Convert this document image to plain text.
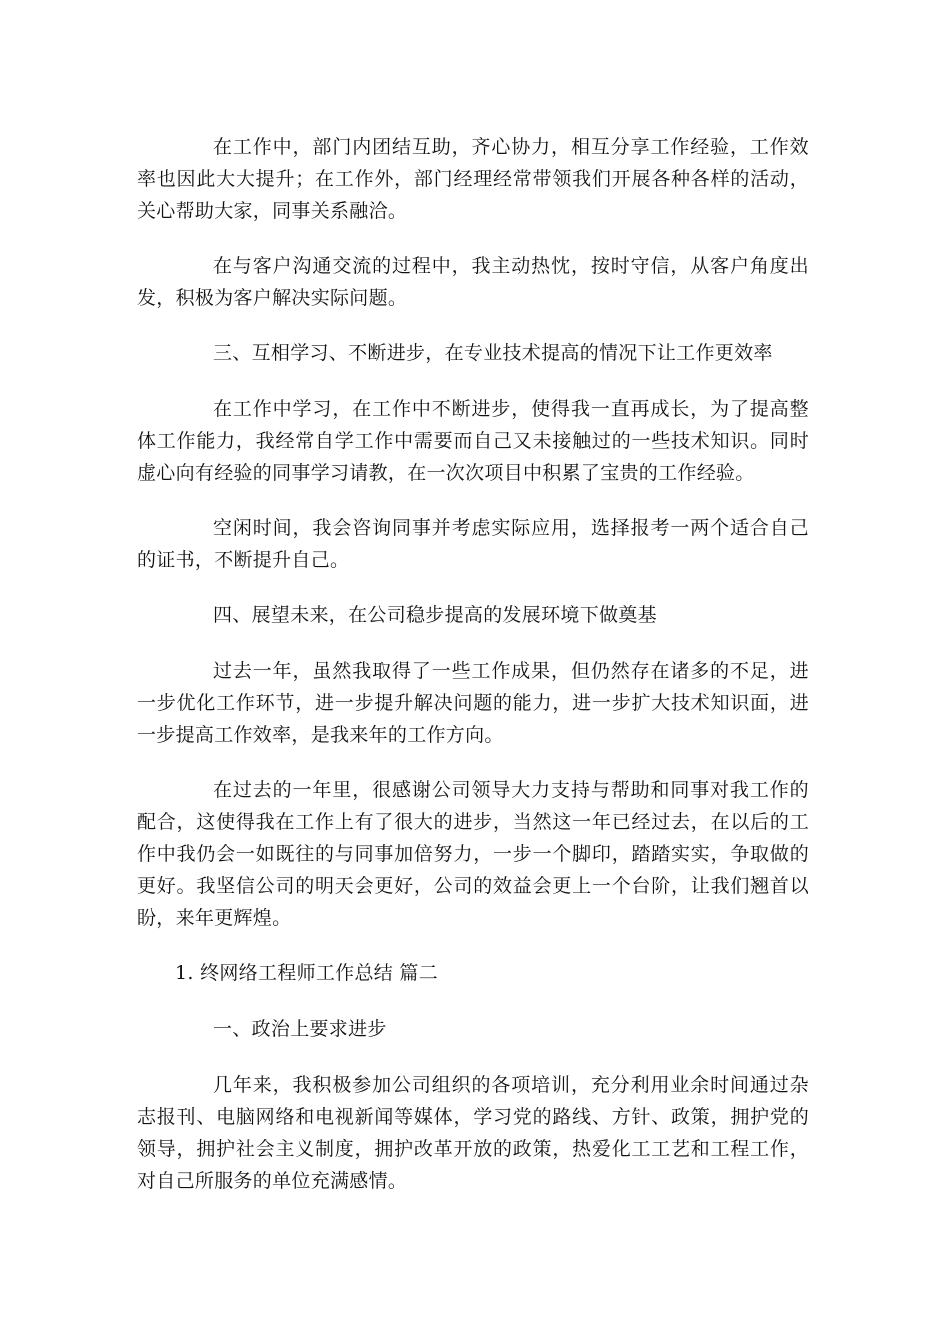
在工作中，部门内团结互助，齐心协力，相互分享工作经验，工作效率也因此大大提升；在工作外，部门经理经常带领我们开展各种各样的活动，关心帮助大家，同事关系融洽。

在与客户沟通交流的过程中，我主动热忱，按时守信，从客户角度出发，积极为客户解决实际问题。

三、互相学习、不断进步，在专业技术提高的情况下让工作更效率

在工作中学习，在工作中不断进步，使得我一直再成长，为了提高整体工作能力，我经常自学工作中需要而自己又未接触过的一些技术知识。同时虚心向有经验的同事学习请教，在一次次项目中积累了宝贵的工作经验。

空闲时间，我会咨询同事并考虑实际应用，选择报考一两个适合自己的证书，不断提升自己。

四、展望未来，在公司稳步提高的发展环境下做奠基

过去一年，虽然我取得了一些工作成果，但仍然存在诸多的不足，进一步优化工作环节，进一步提升解决问题的能力，进一步扩大技术知识面，进一步提高工作效率，是我来年的工作方向。

在过去的一年里，很感谢公司领导大力支持与帮助和同事对我工作的配合，这使得我在工作上有了很大的进步，当然这一年已经过去，在以后的工作中我仍会一如既往的与同事加倍努力，一步一个脚印，踏踏实实，争取做的更好。我坚信公司的明天会更好，公司的效益会更上一个台阶，让我们翘首以盼，来年更辉煌。

1. 终网络工程师工作总结 篇二

一、政治上要求进步

几年来，我积极参加公司组织的各项培训，充分利用业余时间通过杂志报刊、电脑网络和电视新闻等媒体，学习党的路线、方针、政策，拥护党的领导，拥护社会主义制度，拥护改革开放的政策，热爱化工工艺和工程工作，对自己所服务的单位充满感情。
